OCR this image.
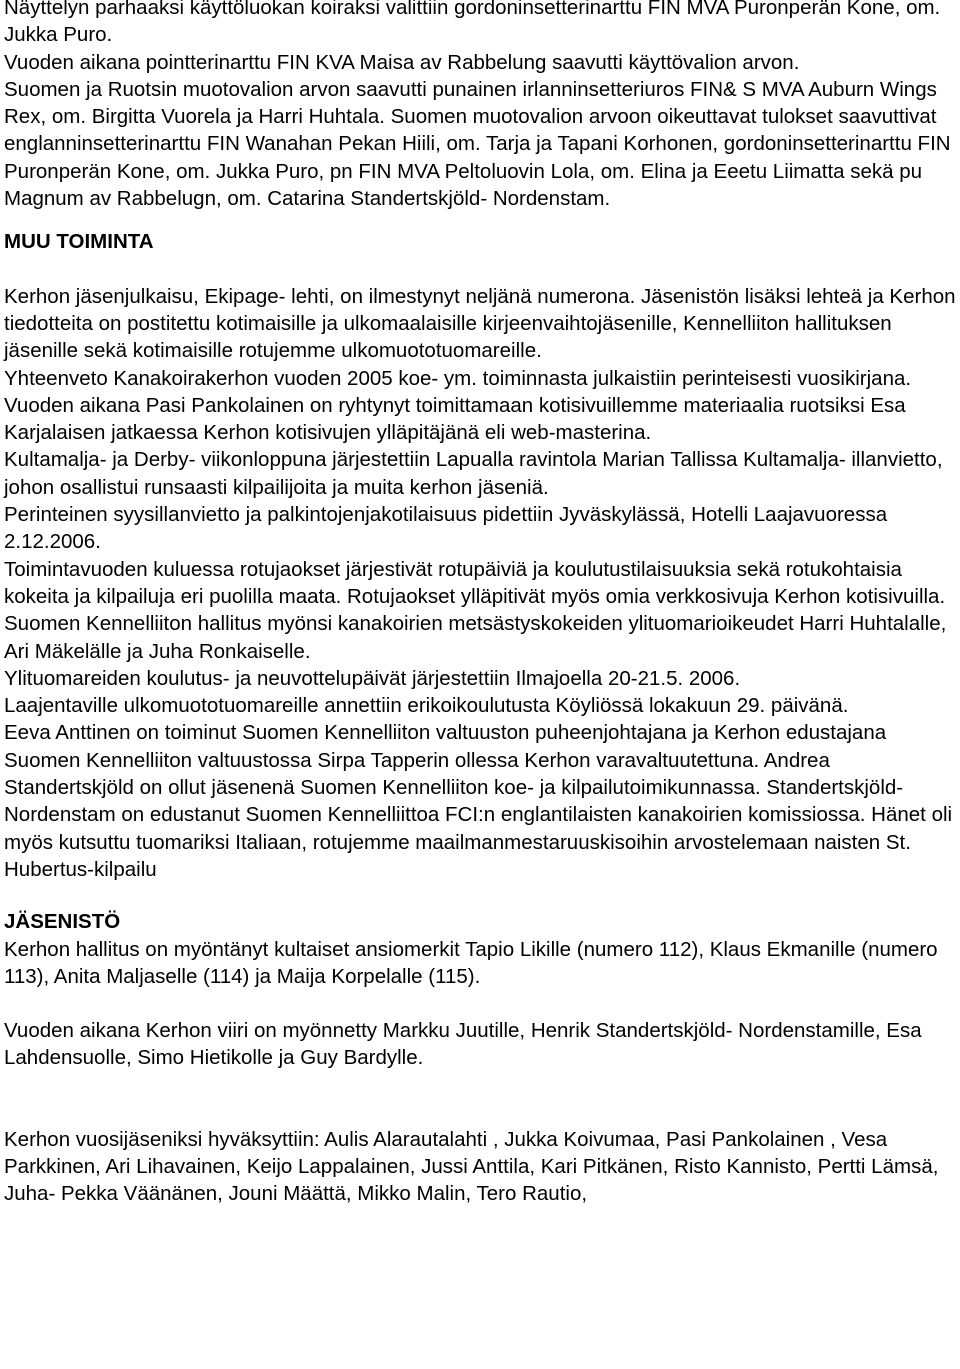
Näyttelyn parhaaksi käyttöluokan koiraksi valittiin gordoninsetterinarttu FIN MVA Puronperän Kone, om. Jukka Puro.

Vuoden aikana pointterinarttu FIN KVA Maisa av Rabbelung saavutti käyttövalion arvon.

Suomen ja Ruotsin muotovalion arvon saavutti punainen irlanninsetteriuros FIN& S MVA Auburn Wings Rex, om. Birgitta Vuorela ja Harri Huhtala. Suomen muotovalion arvoon oikeuttavat tulokset saavuttivat englanninsetterinarttu FIN Wanahan Pekan Hiili, om. Tarja ja Tapani Korhonen, gordoninsetterinarttu FIN Puronperän Kone, om. Jukka Puro, pn FIN MVA Peltoluovin Lola, om. Elina ja Eeetu Liimatta sekä pu Magnum av Rabbelugn, om. Catarina Standertskjöld- Nordenstam.

MUU TOIMINTA

Kerhon jäsenjulkaisu, Ekipage- lehti, on ilmestynyt neljänä numerona. Jäsenistön lisäksi lehteä ja Kerhon tiedotteita on postitettu kotimaisille ja ulkomaalaisille kirjeenvaihtojäsenille, Kennelliiton hallituksen jäsenille sekä kotimaisille rotujemme ulkomuototuomareille.

Yhteenveto Kanakoirakerhon vuoden 2005 koe- ym. toiminnasta julkaistiin perinteisesti vuosikirjana.

Vuoden aikana Pasi Pankolainen on ryhtynyt toimittamaan kotisivuillemme materiaalia ruotsiksi Esa Karjalaisen jatkaessa Kerhon kotisivujen ylläpitäjänä eli web-masterina.

Kultamalja- ja Derby- viikonloppuna järjestettiin Lapualla ravintola Marian Tallissa Kultamalja- illanvietto, johon osallistui runsaasti kilpailijoita ja muita kerhon jäseniä.

Perinteinen syysillanvietto ja palkintojenjakotilaisuus pidettiin Jyväskylässä, Hotelli Laajavuoressa 2.12.2006.

Toimintavuoden kuluessa rotujaokset järjestivät rotupäiviä ja koulutustilaisuuksia sekä rotukohtaisia kokeita ja kilpailuja eri puolilla maata. Rotujaokset ylläpitivät myös omia verkkosivuja Kerhon kotisivuilla.

Suomen Kennelliiton hallitus myönsi kanakoirien metsästyskokeiden ylituomarioikeudet Harri Huhtalalle, Ari Mäkelälle ja Juha Ronkaiselle.

Ylituomareiden koulutus- ja neuvottelupäivät järjestettiin Ilmajoella 20-21.5. 2006.

Laajentaville ulkomuototuomareille annettiin erikoikoulutusta Köyliössä lokakuun 29. päivänä.

Eeva Anttinen on toiminut Suomen Kennelliiton valtuuston puheenjohtajana ja Kerhon edustajana Suomen Kennelliiton valtuustossa Sirpa Tapperin ollessa Kerhon varavaltuutettuna. Andrea Standertskjöld on ollut jäsenenä Suomen Kennelliiton koe- ja kilpailutoimikunnassa. Standertskjöld- Nordenstam on edustanut Suomen Kennelliittoa FCI:n englantilaisten kanakoirien komissiossa. Hänet oli myös kutsuttu tuomariksi Italiaan, rotujemme maailmanmestaruuskisoihin arvostelemaan naisten St. Hubertus-kilpailu

JÄSENISTÖ

Kerhon hallitus on myöntänyt kultaiset ansiomerkit Tapio Likille (numero 112), Klaus Ekmanille (numero 113), Anita Maljaselle (114) ja Maija Korpelalle (115).

Vuoden aikana Kerhon viiri on myönnetty Markku Juutille, Henrik Standertskjöld- Nordenstamille, Esa Lahdensuolle, Simo Hietikolle ja Guy Bardylle.

Kerhon vuosijäseniksi hyväksyttiin: Aulis Alarautalahti , Jukka Koivumaa, Pasi Pankolainen , Vesa Parkkinen, Ari Lihavainen, Keijo Lappalainen, Jussi Anttila, Kari Pitkänen, Risto Kannisto, Pertti Lämsä, Juha- Pekka Väänänen, Jouni Määttä, Mikko Malin, Tero Rautio,
